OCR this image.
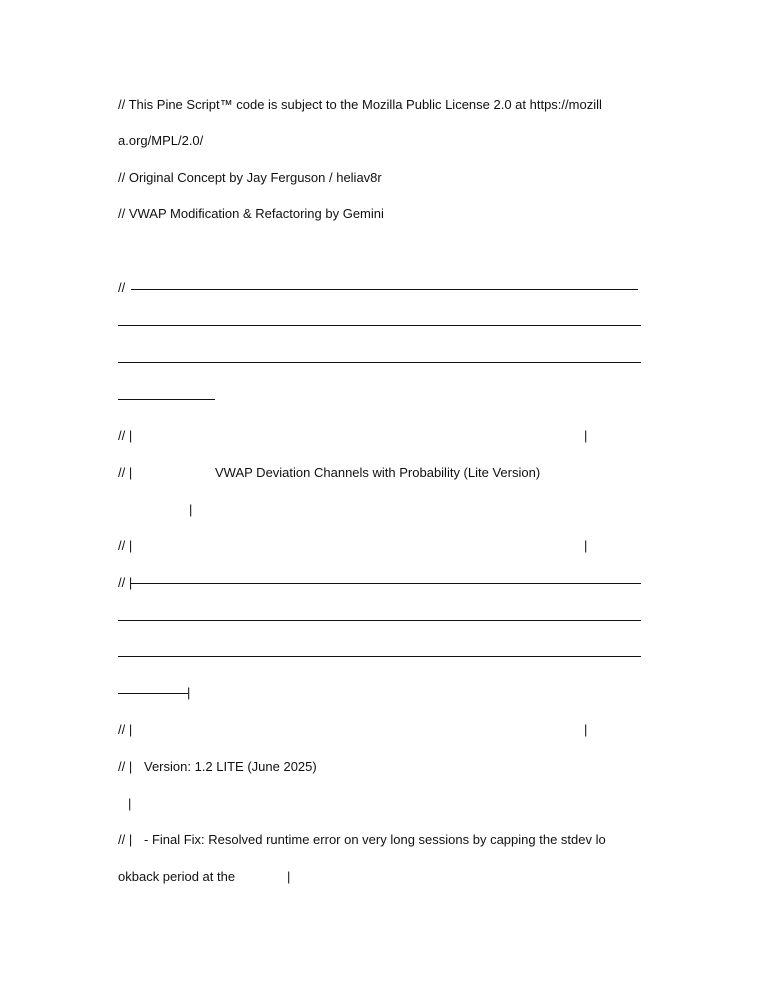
// This Pine Script™ code is subject to the Mozilla Public License 2.0 at https://mozill
a.org/MPL/2.0/
// Original Concept by Jay Ferguson / heliav8r
// VWAP Modification & Refactoring by Gemini
//
// |	|
// |	VWAP Deviation Channels with Probability (Lite Version)
|
// |	|
// |
|
// |	|
// | Version: 1.2 LITE (June 2025)
|
// | - Final Fix: Resolved runtime error on very long sessions by capping the stdev lo
okback period at the	|
